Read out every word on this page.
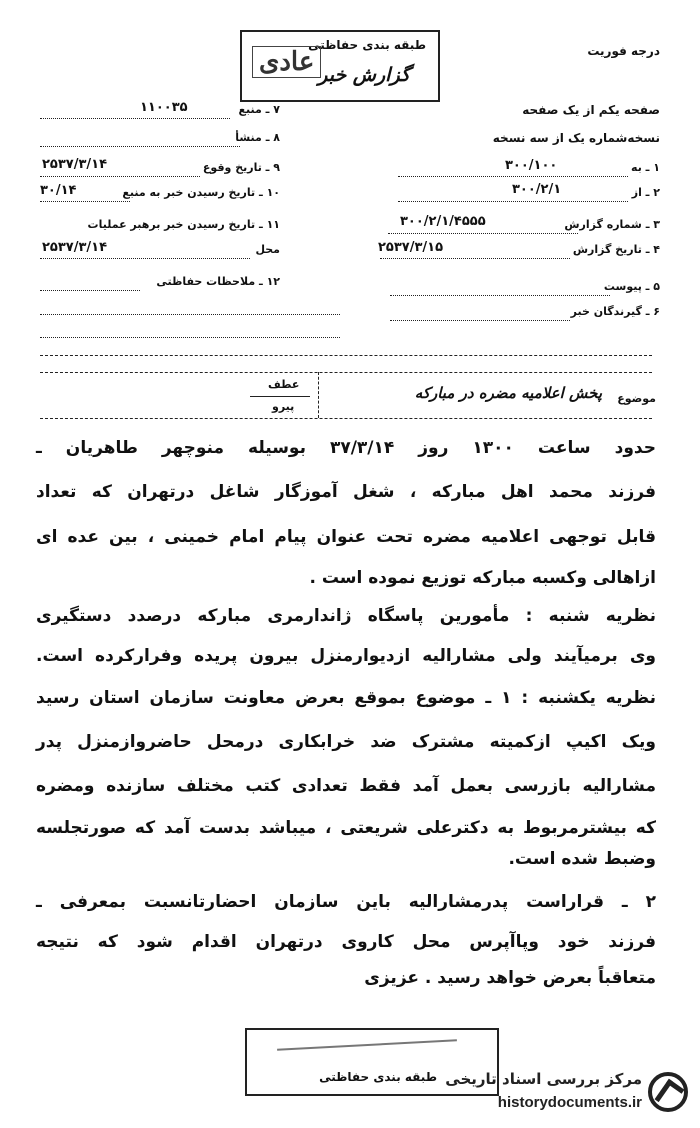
درجه فوریت
طبقه بندی حفاظتی
عادی گزارش خبر
صفحه یکم از یک صفحه
نسخه‌شماره یک از سه نسخه
۱ ـ به
۳۰۰/۱۰۰
۲ ـ از
۳۰۰/۲/۱
۳ ـ شماره گزارش
۳۰۰/۲/۱/۴۵۵۵
۴ ـ تاریخ گزارش
۲۵۳۷/۳/۱۵
۵ ـ پیوست
۶ ـ گیرندگان خبر
۷ ـ منبع
۱۱۰۰۳۵
۸ ـ منشأ
۹ ـ تاریخ وقوع
۲۵۳۷/۳/۱۴
۱۰ ـ تاریخ رسیدن خبر به منبع
۳۰/۱۴
۱۱ ـ تاریخ رسیدن خبر برهبر عملیات
محل
۲۵۳۷/۳/۱۴
۱۲ ـ ملاحظات حفاظتی
موضوع
پخش اعلامیه مضره در مبارکه
عطف
پیرو
حدود ساعت ۱۳۰۰ روز ۳۷/۳/۱۴ بوسیله منوچهر طاهریان ـ
فرزند محمد اهل مبارکه ، شغل آموزگار شاغل درتهران که تعداد
قابل توجهی اعلامیه مضره تحت عنوان پیام امام خمینی ، بین عده ای
ازاهالی وکسبه مبارکه توزیع نموده است .
نظریه شنبه : مأمورین پاسگاه ژاندارمری مبارکه درصدد دستگیری
وی برمیآیند ولی مشارالیه ازدیوارمنزل بیرون پریده وفرارکرده است.
نظریه یکشنبه : ۱ ـ موضوع بموقع بعرض معاونت سازمان استان رسید
ویک اکیپ ازکمیته مشترک ضد خرابکاری درمحل حاضروازمنزل پدر
مشارالیه بازرسی بعمل آمد فقط تعدادی کتب مختلف سازنده ومضره
که بیشترمربوط به دکترعلی شریعتی ، میباشد بدست آمد که صورتجلسه
وضبط شده است.
۲ ـ قراراست پدرمشارالیه باین سازمان احضارتانسبت بمعرفی ـ
فرزند خود وپاآپرس محل کاروی درتهران اقدام شود که نتیجه
متعاقباً بعرض خواهد رسید . عزیزی
طبقه بندی حفاظتی مرکز بررسی اسناد تاریخی
historydocuments.ir
